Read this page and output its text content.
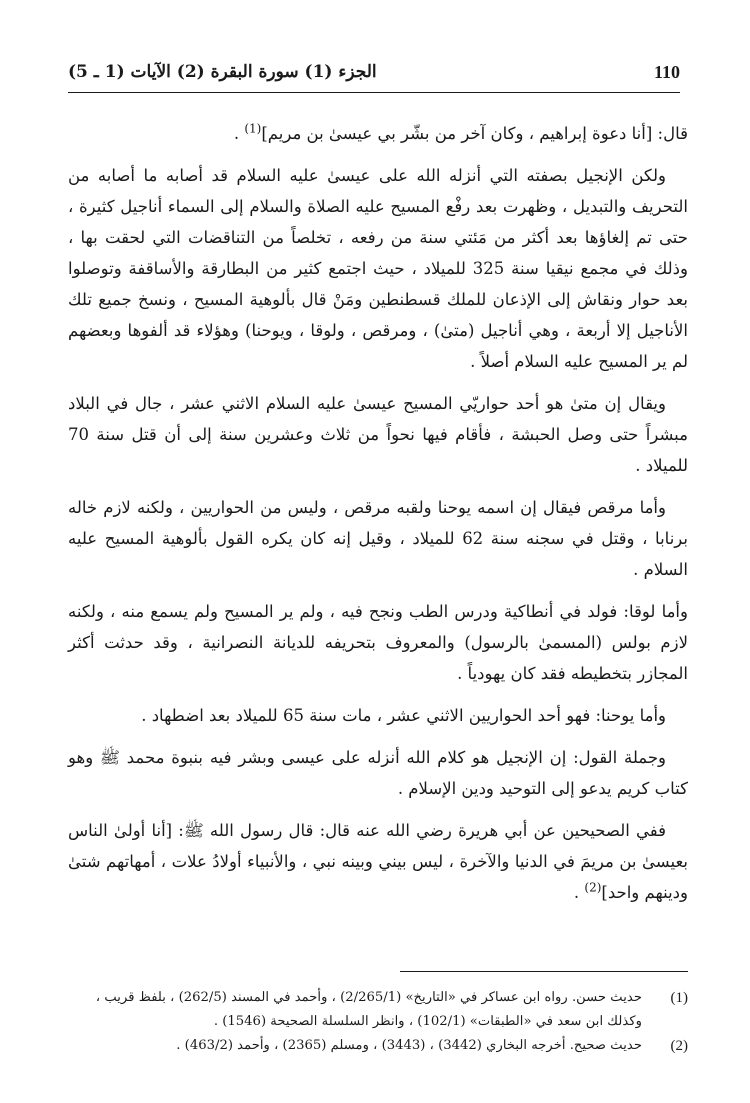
الجزء (1) سورة البقرة (2) الآيات (1 ـ 5)	110

قال: [أنا دعوة إبراهيم ، وكان آخر من بشّر بي عيسىٰ بن مريم]$^{(1)}$ .

ولكن الإنجيل بصفته التي أنزله الله على عيسىٰ عليه السلام قد أصابه ما أصابه من التحريف والتبديل ، وظهرت بعد رفْع المسيح عليه الصلاة والسلام إلى السماء أناجيل كثيرة ، حتى تم إلغاؤها بعد أكثر من مَئتي سنة من رفعه ، تخلصاً من التناقضات التي لحقت بها ، وذلك في مجمع نيقيا سنة 325 للميلاد ، حيث اجتمع كثير من البطارقة والأساقفة وتوصلوا بعد حوار ونقاش إلى الإذعان للملك قسطنطين ومَنْ قال بألوهية المسيح ، ونسخ جميع تلك الأناجيل إلا أربعة ، وهي أناجيل (متىٰ) ، ومرقص ، ولوقا ، ويوحنا) وهؤلاء قد ألفوها وبعضهم لم ير المسيح عليه السلام أصلاً .

ويقال إن متىٰ هو أحد حواريّي المسيح عيسىٰ عليه السلام الاثني عشر ، جال في البلاد مبشراً حتى وصل الحبشة ، فأقام فيها نحواً من ثلاث وعشرين سنة إلى أن قتل سنة 70 للميلاد .

وأما مرقص فيقال إن اسمه يوحنا ولقبه مرقص ، وليس من الحواريين ، ولكنه لازم خاله برنابا ، وقتل في سجنه سنة 62 للميلاد ، وقيل إنه كان يكره القول بألوهية المسيح عليه السلام .

وأما لوقا: فولد في أنطاكية ودرس الطب ونجح فيه ، ولم ير المسيح ولم يسمع منه ، ولكنه لازم بولس (المسمىٰ بالرسول) والمعروف بتحريفه للديانة النصرانية ، وقد حدثت أكثر المجازر بتخطيطه فقد كان يهودياً .

وأما يوحنا: فهو أحد الحواريين الاثني عشر ، مات سنة 65 للميلاد بعد اضطهاد .

وجملة القول: إن الإنجيل هو كلام الله أنزله على عيسى وبشر فيه بنبوة محمد ﷺ وهو كتاب كريم يدعو إلى التوحيد ودين الإسلام .

ففي الصحيحين عن أبي هريرة رضي الله عنه قال: قال رسول الله ﷺ: [أنا أولىٰ الناس بعيسىٰ بن مريمَ في الدنيا والآخرة ، ليس بيني وبينه نبي ، والأنبياء أولادُ علات ، أمهاتهم شتىٰ ودينهم واحد]$^{(2)}$ .

(1)
حديث حسن. رواه ابن عساكر في «التاريخ» (2/265/1) ، وأحمد في المسند (262/5) ، بلفظ قريب ، وكذلك ابن سعد في «الطبقات» (102/1) ، وانظر السلسلة الصحيحة (1546) .
(2)
حديث صحيح. أخرجه البخاري (3442) ، (3443) ، ومسلم (2365) ، وأحمد (463/2) .
